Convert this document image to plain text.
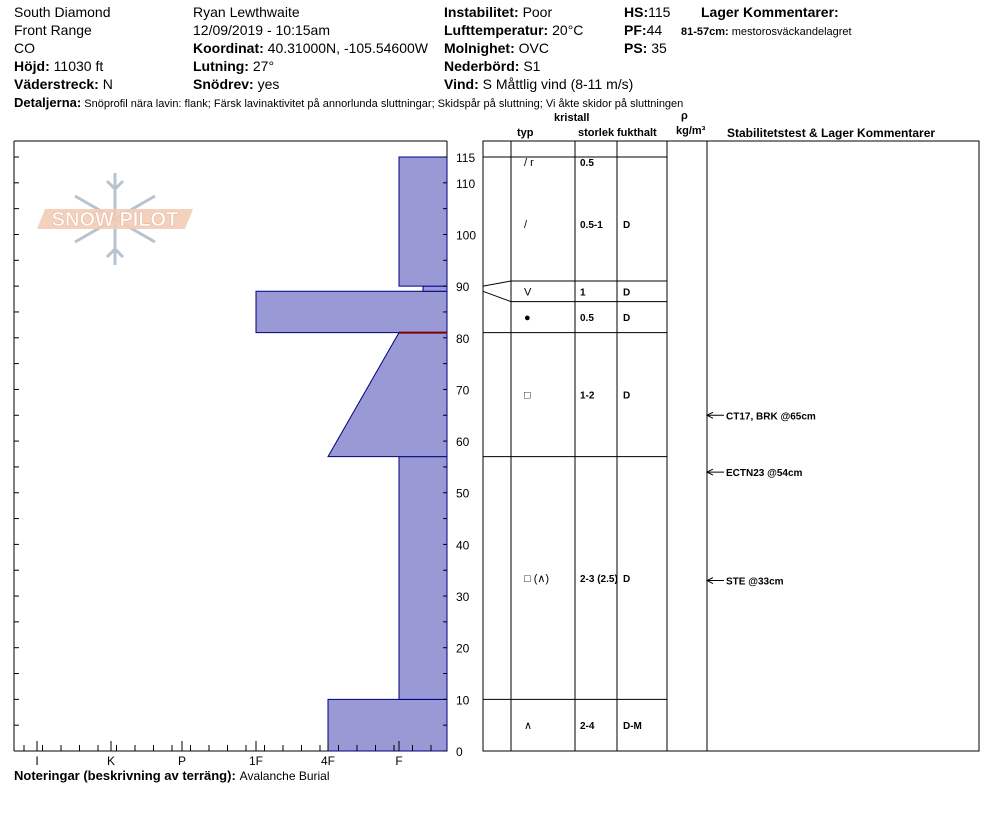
South Diamond
Front Range
CO
Höjd: 11030 ft
Väderstreck: N
Ryan Lewthwaite
12/09/2019 - 10:15am
Koordinat: 40.31000N, -105.54600W
Lutning: 27°
Snödrev: yes
Instabilitet: Poor
Lufttemperatur: 20°C
Molnighet: OVC
Nederbörd: S1
Vind: S Måttlig vind (8-11 m/s)
HS:115
PF:44
PS: 35
Lager Kommentarer:
81-57cm: mestorosväckandelagret
Detaljerna: Snöprofil nära lavin: flank; Färsk lavinaktivitet på annorlunda sluttningar; Skidspår på sluttning; Vi åkte skidor på sluttningen
Noteringar (beskrivning av terräng): Avalanche Burial
kristall
typ	storlek fukthalt
ρ
kg/m³ Stabilitetstest & Lager Kommentarer
SNOW PILOT
0
10
20
30
40
50
60
70
80
90
100
110
115
I	K	P	1F	4F	F
/ r	0.5
/	0.5-1 D
V	1	D
●	0.5	D
□	1-2	D
□ (∧)	2-3 (2.5) D
∧	2-4	D-M
CT17, BRK @65cm
ECTN23 @54cm
STE @33cm
